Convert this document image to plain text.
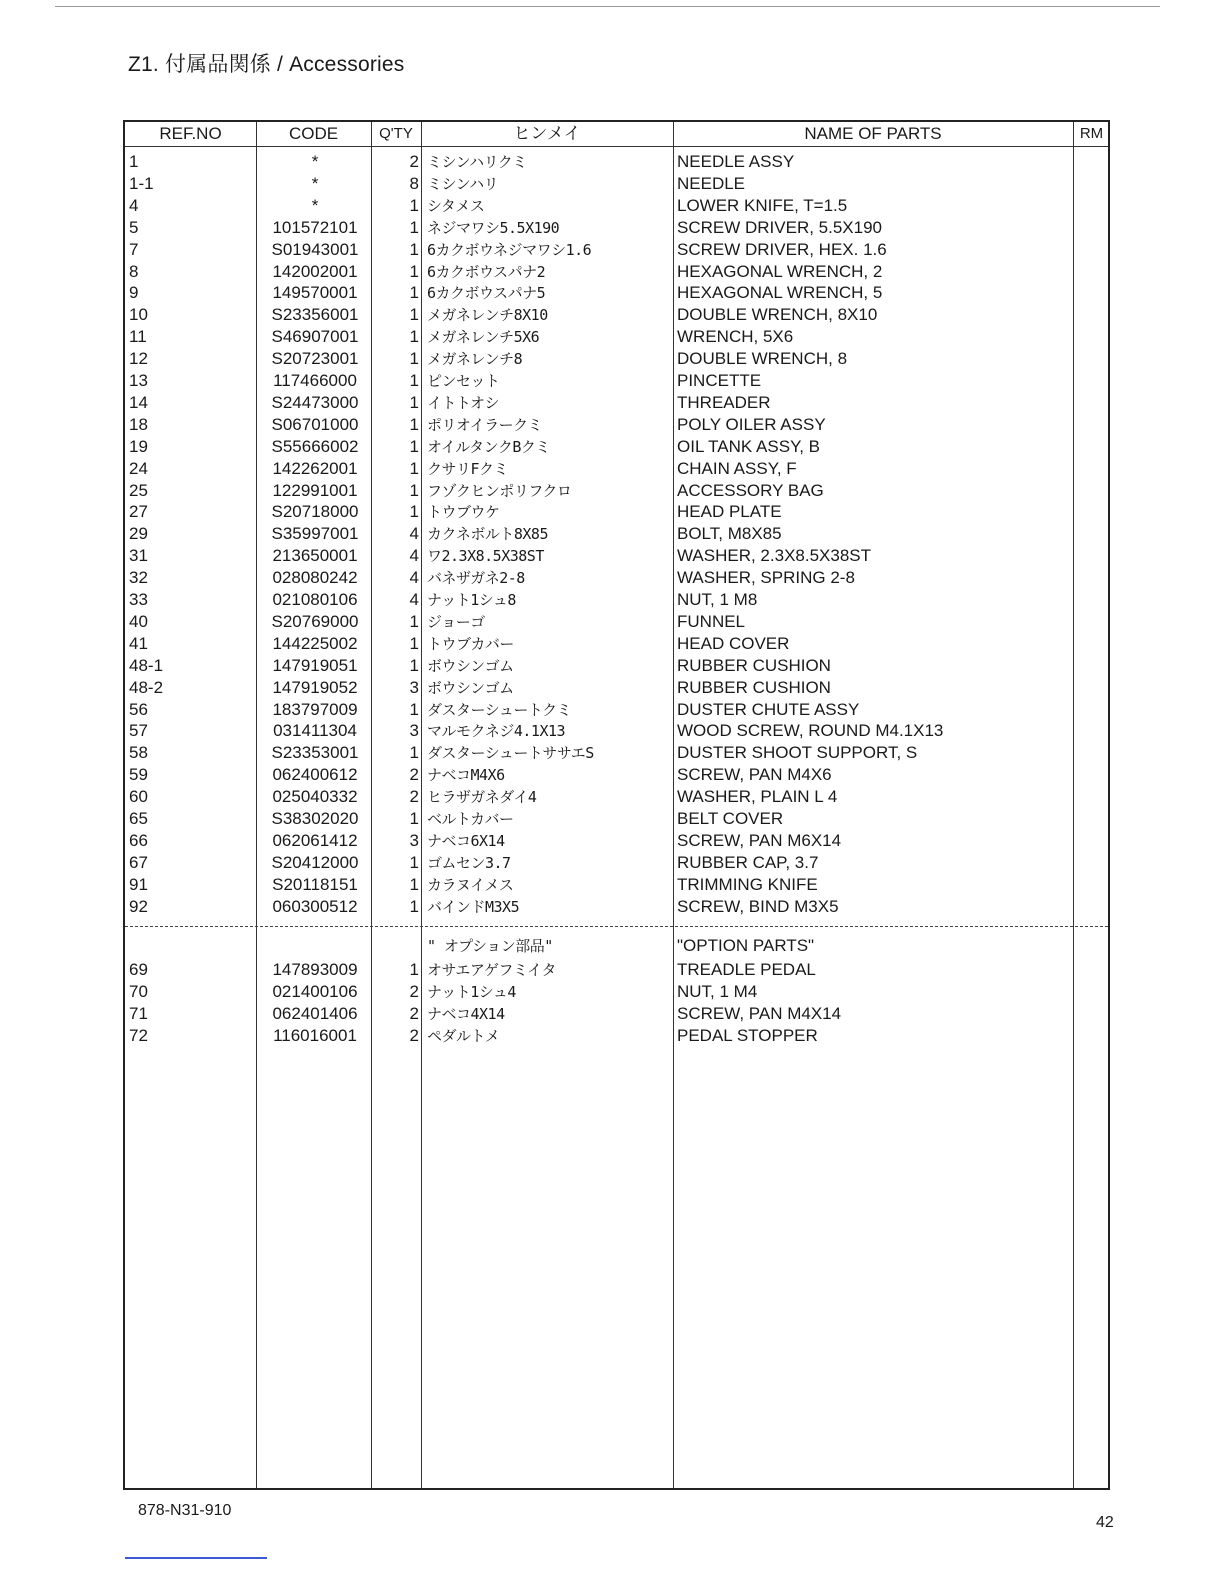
Z1. 付属品関係 / Accessories
REF.NO	CODE	Q'TY	ヒンメイ	NAME OF PARTS	RM
1	*	2 ミシンハリクミ	NEEDLE ASSY
1-1	*	8 ミシンハリ	NEEDLE
4	*	1 シタメス	LOWER KNIFE, T=1.5
5	101572101	1 ネジマワシ5.5X190	SCREW DRIVER, 5.5X190
7	S01943001	1 6カクボウネジマワシ1.6	SCREW DRIVER, HEX. 1.6
8	142002001	1 6カクボウスパナ2	HEXAGONAL WRENCH, 2
9	149570001	1 6カクボウスパナ5	HEXAGONAL WRENCH, 5
10	S23356001	1 メガネレンチ8X10	DOUBLE WRENCH, 8X10
11	S46907001	1 メガネレンチ5X6	WRENCH, 5X6
12	S20723001	1 メガネレンチ8	DOUBLE WRENCH, 8
13	117466000	1 ピンセット	PINCETTE
14	S24473000	1 イトトオシ	THREADER
18	S06701000	1 ポリオイラークミ	POLY OILER ASSY
19	S55666002	1 オイルタンクBクミ	OIL TANK ASSY, B
24	142262001	1 クサリFクミ	CHAIN ASSY, F
25	122991001	1 フゾクヒンポリフクロ	ACCESSORY BAG
27	S20718000	1 トウブウケ	HEAD PLATE
29	S35997001	4 カクネボルト8X85	BOLT, M8X85
31	213650001	4 ワ2.3X8.5X38ST	WASHER, 2.3X8.5X38ST
32	028080242	4 バネザガネ2-8	WASHER, SPRING 2-8
33	021080106	4 ナット1シュ8	NUT, 1 M8
40	S20769000	1 ジョーゴ	FUNNEL
41	144225002	1 トウブカバー	HEAD COVER
48-1	147919051	1 ボウシンゴム	RUBBER CUSHION
48-2	147919052	3 ボウシンゴム	RUBBER CUSHION
56	183797009	1 ダスターシュートクミ	DUSTER CHUTE ASSY
57	031411304	3 マルモクネジ4.1X13	WOOD SCREW, ROUND M4.1X13
58	S23353001	1 ダスターシュートササエS	DUSTER SHOOT SUPPORT, S
59	062400612	2 ナベコM4X6	SCREW, PAN M4X6
60	025040332	2 ヒラザガネダイ4	WASHER, PLAIN L 4
65	S38302020	1 ベルトカバー	BELT COVER
66	062061412	3 ナベコ6X14	SCREW, PAN M6X14
67	S20412000	1 ゴムセン3.7	RUBBER CAP, 3.7
91	S20118151	1 カラヌイメス	TRIMMING KNIFE
92	060300512	1 バインドM3X5	SCREW, BIND M3X5
" オプション部品"	"OPTION PARTS"
69	147893009	1 オサエアゲフミイタ	TREADLE PEDAL
70	021400106	2 ナット1シュ4	NUT, 1 M4
71	062401406	2 ナベコ4X14	SCREW, PAN M4X14
72	116016001	2 ペダルトメ	PEDAL STOPPER
878-N31-910
42
